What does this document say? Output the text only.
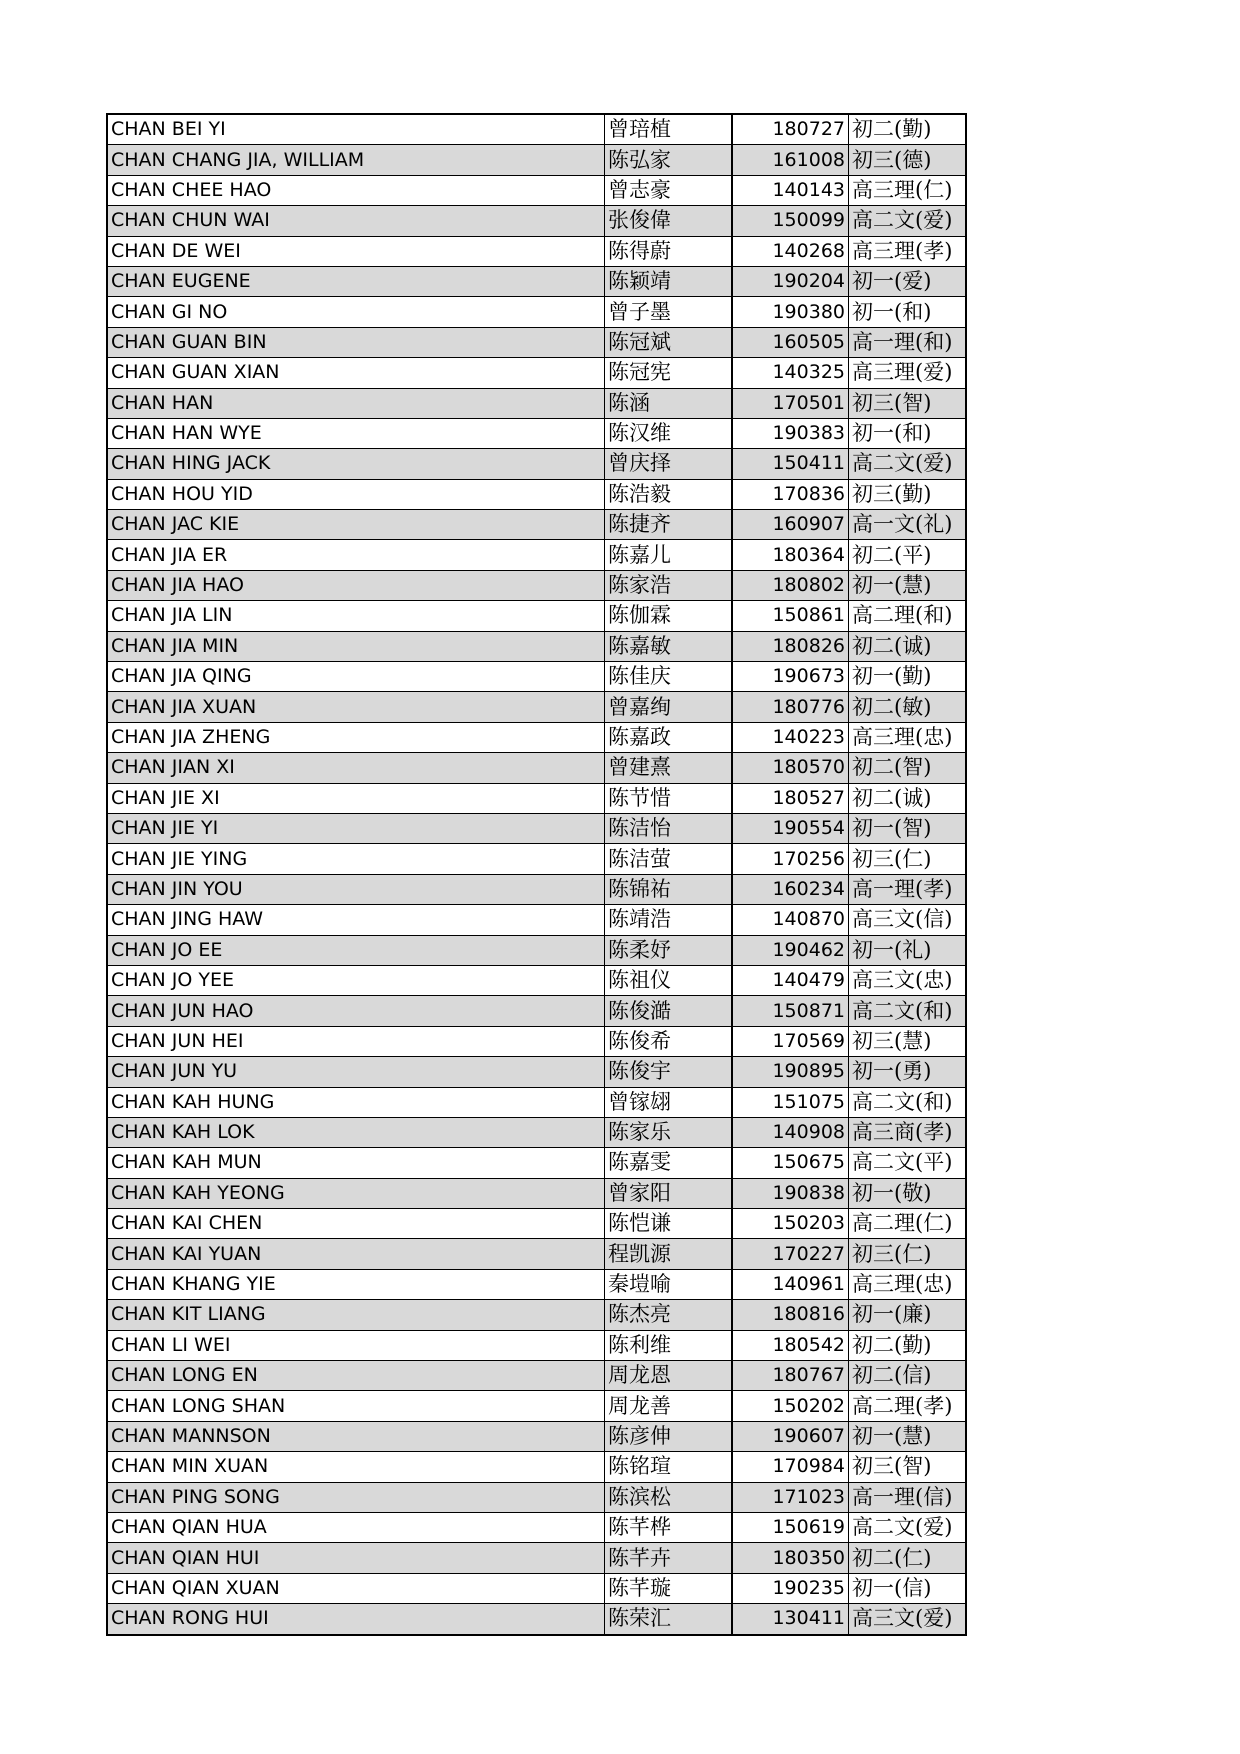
CHAN BEI YI	曾琣植	180727	初二(勤)
CHAN CHANG JIA, WILLIAM	陈弘家	161008	初三(德)
CHAN CHEE HAO	曾志豪	140143	高三理(仁)
CHAN CHUN WAI	张俊偉	150099	高二文(爱)
CHAN DE WEI	陈得蔚	140268	高三理(孝)
CHAN EUGENE	陈颖靖	190204	初一(爱)
CHAN GI NO	曾子墨	190380	初一(和)
CHAN GUAN BIN	陈冠斌	160505	高一理(和)
CHAN GUAN XIAN	陈冠宪	140325	高三理(爱)
CHAN HAN	陈涵	170501	初三(智)
CHAN HAN WYE	陈汉维	190383	初一(和)
CHAN HING JACK	曾庆择	150411	高二文(爱)
CHAN HOU YID	陈浩毅	170836	初三(勤)
CHAN JAC KIE	陈捷齐	160907	高一文(礼)
CHAN JIA ER	陈嘉儿	180364	初二(平)
CHAN JIA HAO	陈家浩	180802	初一(慧)
CHAN JIA LIN	陈伽霖	150861	高二理(和)
CHAN JIA MIN	陈嘉敏	180826	初二(诚)
CHAN JIA QING	陈佳庆	190673	初一(勤)
CHAN JIA XUAN	曾嘉绚	180776	初二(敏)
CHAN JIA ZHENG	陈嘉政	140223	高三理(忠)
CHAN JIAN XI	曾建熹	180570	初二(智)
CHAN JIE XI	陈节惜	180527	初二(诚)
CHAN JIE YI	陈洁怡	190554	初一(智)
CHAN JIE YING	陈洁萤	170256	初三(仁)
CHAN JIN YOU	陈锦祐	160234	高一理(孝)
CHAN JING HAW	陈靖浩	140870	高三文(信)
CHAN JO EE	陈柔妤	190462	初一(礼)
CHAN JO YEE	陈祖仪	140479	高三文(忠)
CHAN JUN HAO	陈俊澔	150871	高二文(和)
CHAN JUN HEI	陈俊希	170569	初三(慧)
CHAN JUN YU	陈俊宇	190895	初一(勇)
CHAN KAH HUNG	曾镓翃	151075	高二文(和)
CHAN KAH LOK	陈家乐	140908	高三商(孝)
CHAN KAH MUN	陈嘉雯	150675	高二文(平)
CHAN KAH YEONG	曾家阳	190838	初一(敬)
CHAN KAI CHEN	陈恺谦	150203	高二理(仁)
CHAN KAI YUAN	程凯源	170227	初三(仁)
CHAN KHANG YIE	秦塏喻	140961	高三理(忠)
CHAN KIT LIANG	陈杰亮	180816	初一(廉)
CHAN LI WEI	陈利维	180542	初二(勤)
CHAN LONG EN	周龙恩	180767	初二(信)
CHAN LONG SHAN	周龙善	150202	高二理(孝)
CHAN MANNSON	陈彦伸	190607	初一(慧)
CHAN MIN XUAN	陈铭瑄	170984	初三(智)
CHAN PING SONG	陈滨松	171023	高一理(信)
CHAN QIAN HUA	陈芊桦	150619	高二文(爱)
CHAN QIAN HUI	陈芊卉	180350	初二(仁)
CHAN QIAN XUAN	陈芊璇	190235	初一(信)
CHAN RONG HUI	陈荣汇	130411	高三文(爱)
